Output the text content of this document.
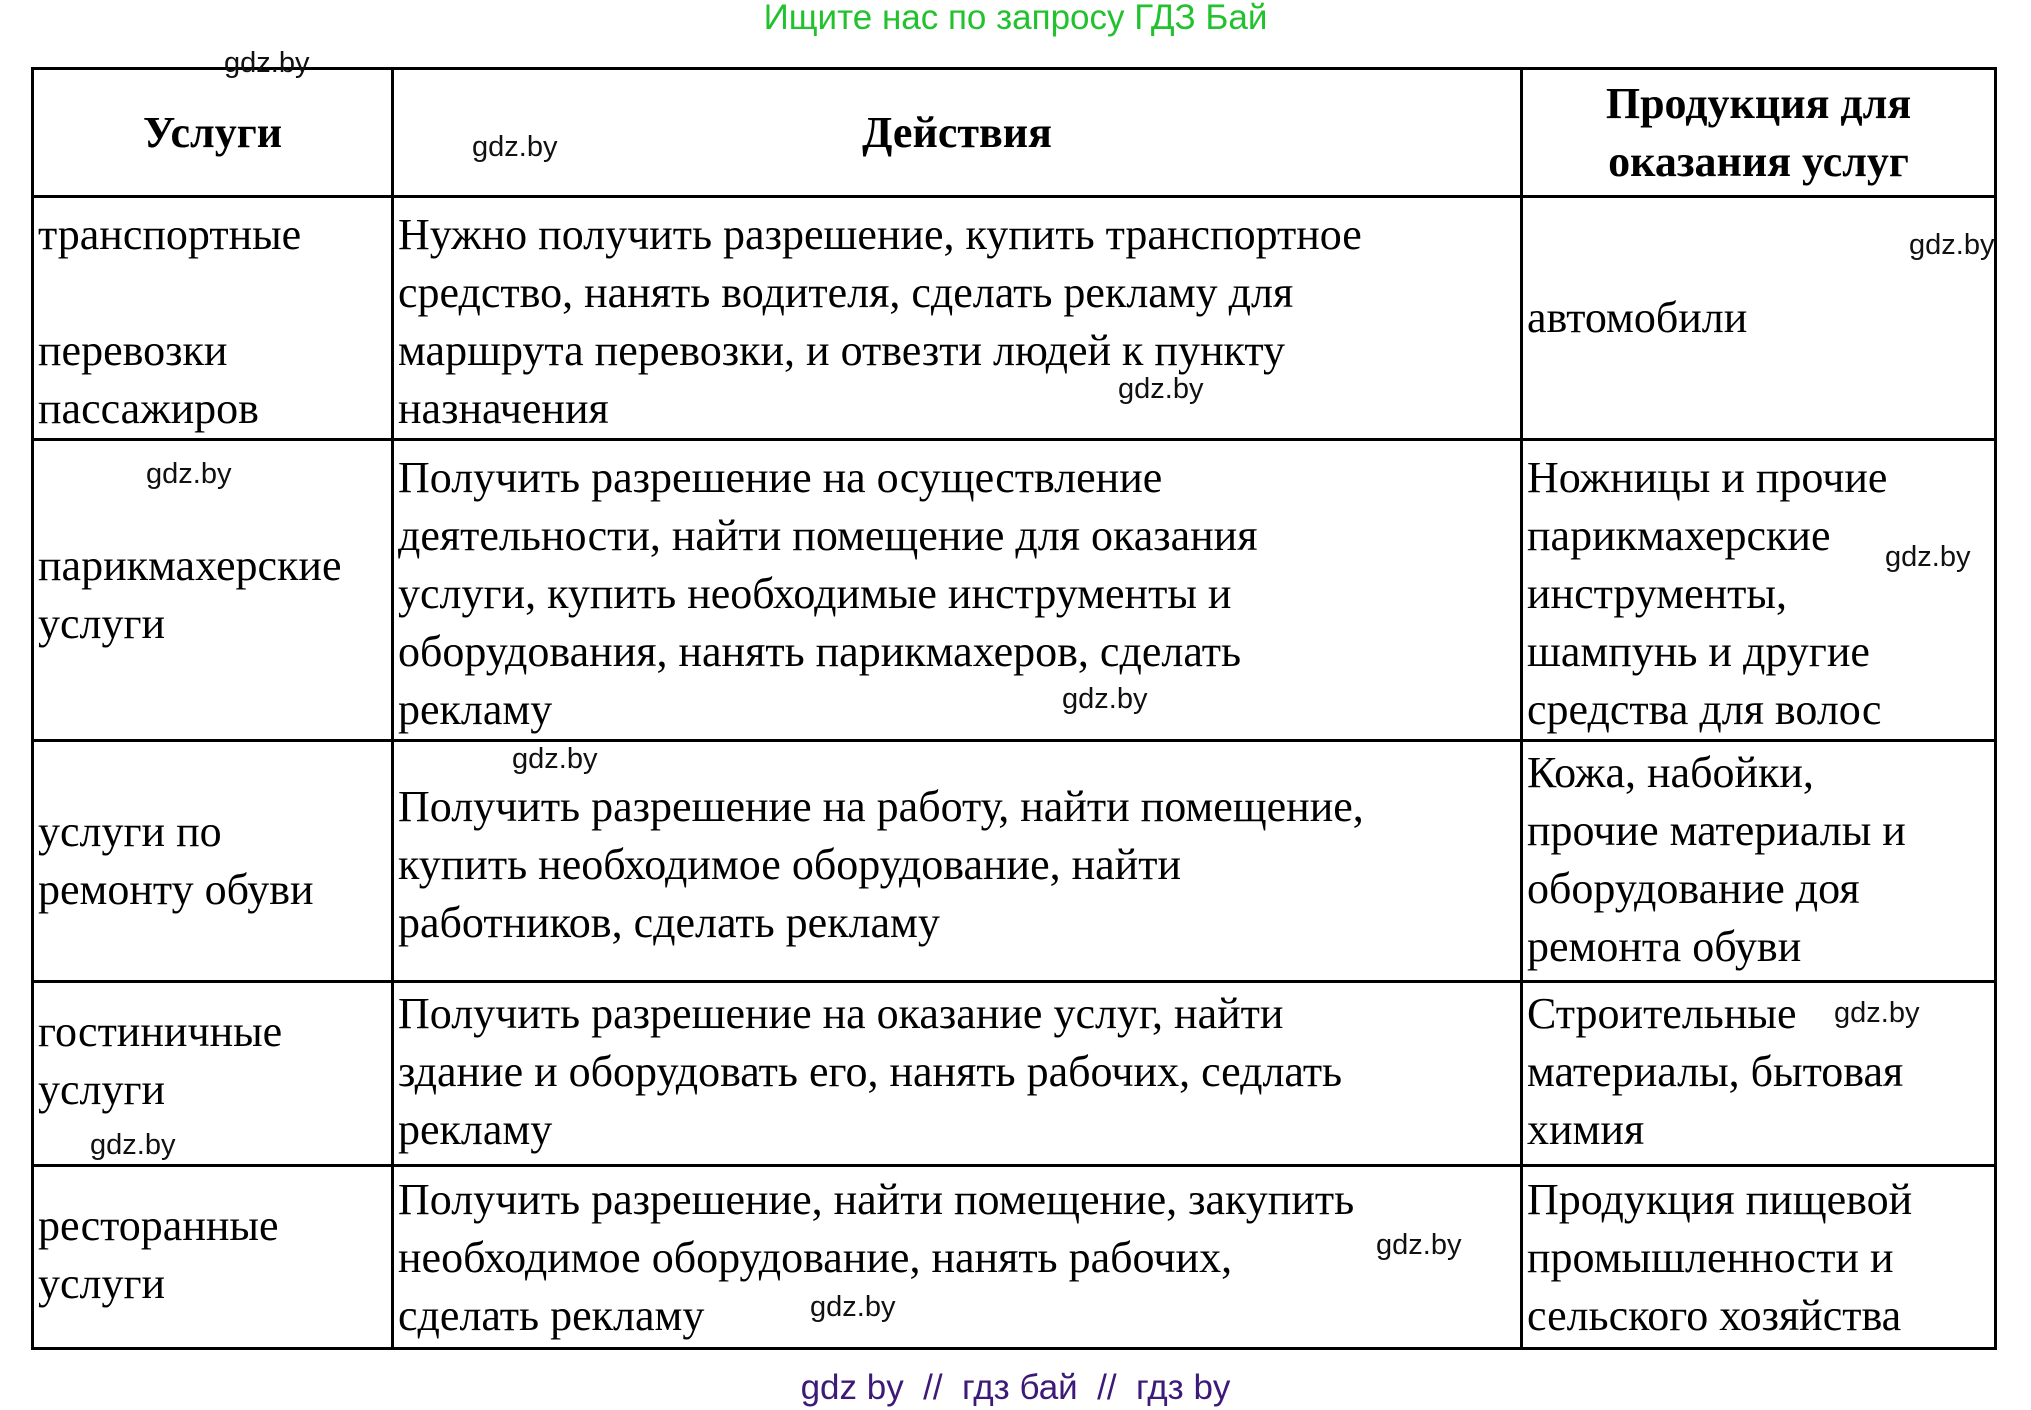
Ищите нас по запросу ГДЗ Бай
Услуги	Действия	Продукция для
оказания услуг

транспортные
перевозки
пассажиров	Нужно получить разрешение, купить транспортное
средство, нанять водителя, сделать рекламу для
маршрута перевозки, и отвезти людей к пункту
назначения	автомобили

парикмахерские
услуги	Получить разрешение на осуществление
деятельности, найти помещение для оказания
услуги, купить необходимые инструменты и
оборудования, нанять парикмахеров, сделать
рекламу	Ножницы и прочие
парикмахерские
инструменты,
шампунь и другие
средства для волос

услуги по
ремонту обуви	Получить разрешение на работу, найти помещение,
купить необходимое оборудование, найти
работников, сделать рекламу	Кожа, набойки,
прочие материалы и
оборудование доя
ремонта обуви

гостиничные
услуги	Получить разрешение на оказание услуг, найти
здание и оборудовать его, нанять рабочих, седлать
рекламу	Строительные
материалы, бытовая
химия

ресторанные
услуги	Получить разрешение, найти помещение, закупить
необходимое оборудование, нанять рабочих,
сделать рекламу	Продукция пищевой
промышленности и
сельского хозяйства
gdz.by
gdz.by
gdz.by
gdz.by
gdz.by
gdz.by
gdz.by
gdz.by
gdz.by
gdz.by
gdz.by
gdz.by
gdz by  //  гдз бай  //  гдз by
